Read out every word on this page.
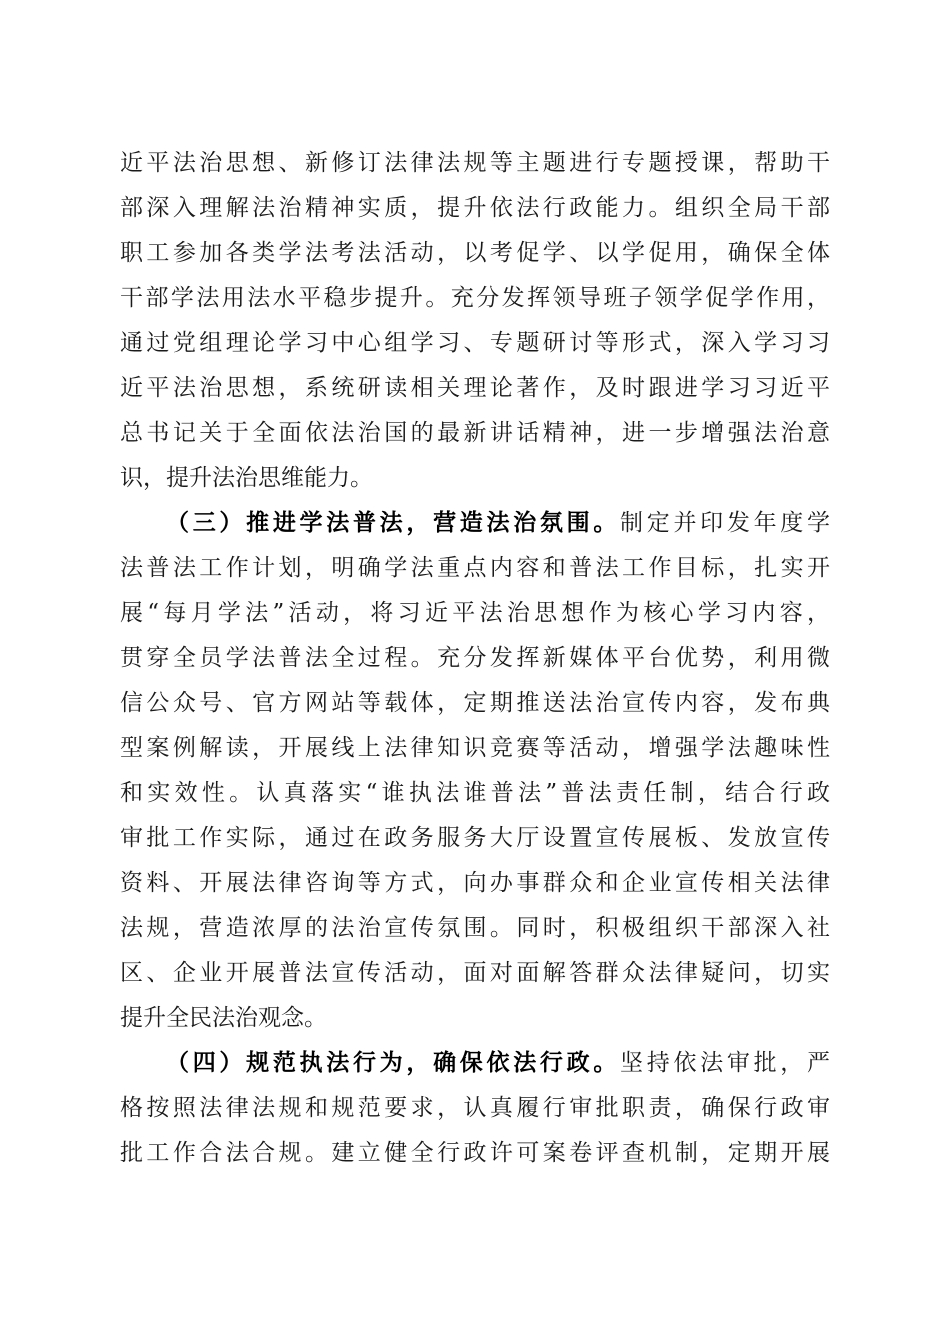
近平法治思想、新修订法律法规等主题进行专题授课，帮助干
部深入理解法治精神实质，提升依法行政能力。组织全局干部
职工参加各类学法考法活动，以考促学、以学促用，确保全体
干部学法用法水平稳步提升。充分发挥领导班子领学促学作用，
通过党组理论学习中心组学习、专题研讨等形式，深入学习习
近平法治思想，系统研读相关理论著作，及时跟进学习习近平
总书记关于全面依法治国的最新讲话精神，进一步增强法治意
识，提升法治思维能力。
（三）推进学法普法，营造法治氛围。制定并印发年度学
法普法工作计划，明确学法重点内容和普法工作目标，扎实开
展“每月学法”活动，将习近平法治思想作为核心学习内容，
贯穿全员学法普法全过程。充分发挥新媒体平台优势，利用微
信公众号、官方网站等载体，定期推送法治宣传内容，发布典
型案例解读，开展线上法律知识竞赛等活动，增强学法趣味性
和实效性。认真落实“谁执法谁普法”普法责任制，结合行政
审批工作实际，通过在政务服务大厅设置宣传展板、发放宣传
资料、开展法律咨询等方式，向办事群众和企业宣传相关法律
法规，营造浓厚的法治宣传氛围。同时，积极组织干部深入社
区、企业开展普法宣传活动，面对面解答群众法律疑问，切实
提升全民法治观念。
（四）规范执法行为，确保依法行政。坚持依法审批，严
格按照法律法规和规范要求，认真履行审批职责，确保行政审
批工作合法合规。建立健全行政许可案卷评查机制，定期开展
